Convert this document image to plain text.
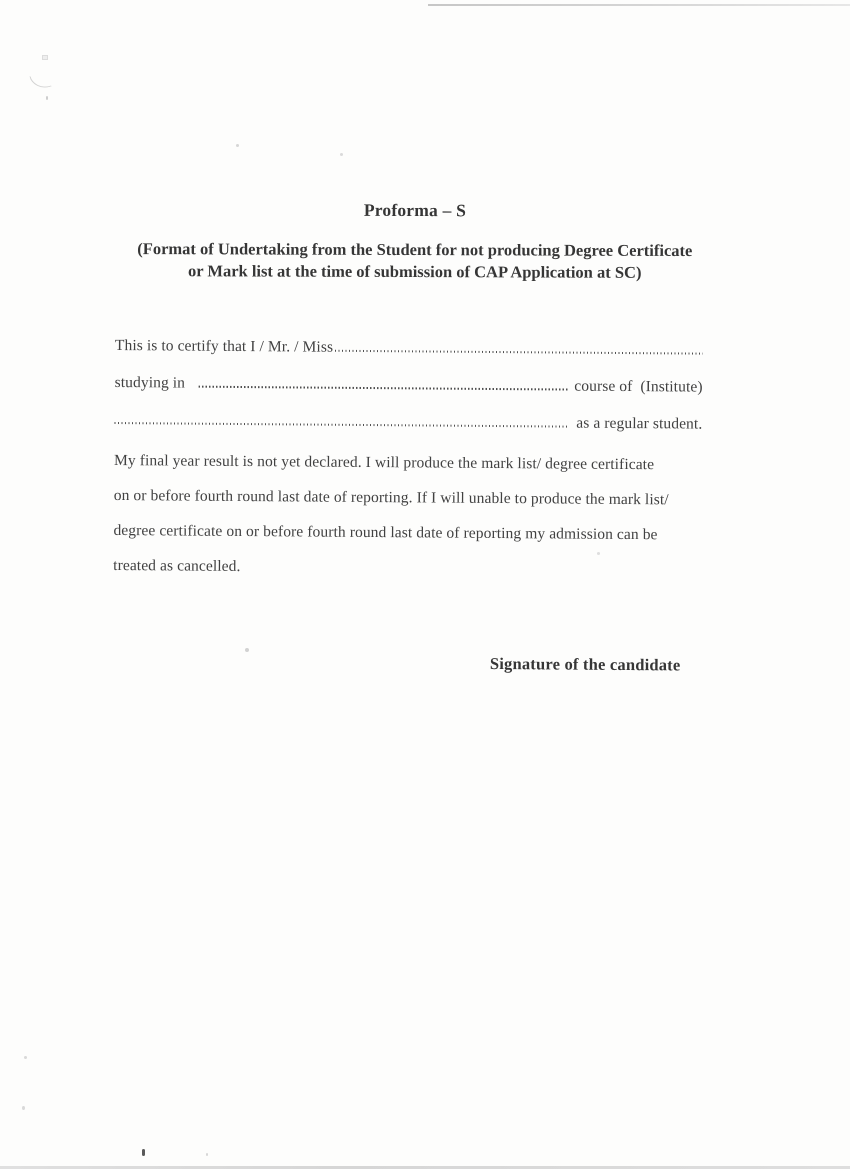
Proforma – S
(Format of Undertaking from the Student for not producing Degree Certificate
or Mark list at the time of submission of CAP Application at SC)
This is to certify that I / Mr. / Miss
studying in	course of  (Institute)
as a regular student.
My final year result is not yet declared. I will produce the mark list/ degree certificate
on or before fourth round last date of reporting. If I will unable to produce the mark list/
degree certificate on or before fourth round last date of reporting my admission can be
treated as cancelled.
Signature of the candidate
